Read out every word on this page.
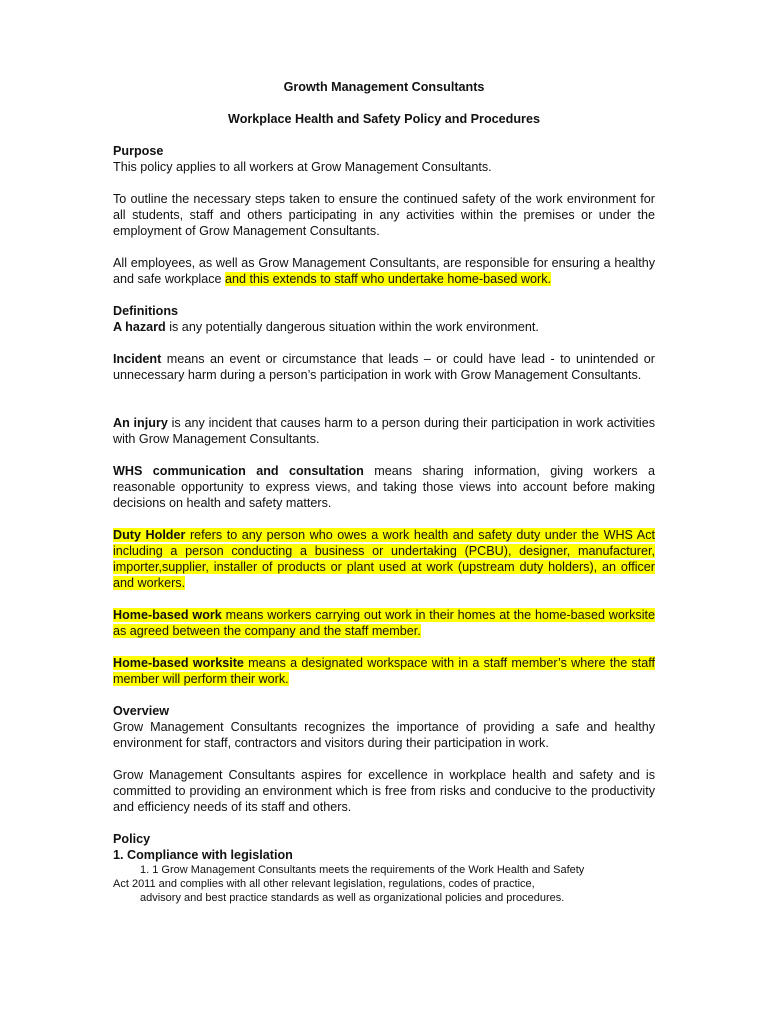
Growth Management Consultants
Workplace Health and Safety Policy and Procedures
Purpose
This policy applies to all workers at Grow Management Consultants.
To outline the necessary steps taken to ensure the continued safety of the work environment for all students, staff and others participating in any activities within the premises or under the employment of Grow Management Consultants.
All employees, as well as Grow Management Consultants, are responsible for ensuring a healthy and safe workplace and this extends to staff who undertake home-based work.
Definitions
A hazard is any potentially dangerous situation within the work environment.
Incident means an event or circumstance that leads – or could have lead - to unintended or unnecessary harm during a person’s participation in work with Grow Management Consultants.
An injury is any incident that causes harm to a person during their participation in work activities with Grow Management Consultants.
WHS communication and consultation means sharing information, giving workers a reasonable opportunity to express views, and taking those views into account before making decisions on health and safety matters.
Duty Holder refers to any person who owes a work health and safety duty under the WHS Act including a person conducting a business or undertaking (PCBU), designer, manufacturer, importer,supplier, installer of products or plant used at work (upstream duty holders), an officer and workers.
Home-based work means workers carrying out work in their homes at the home-based worksite as agreed between the company and the staff member.
Home-based worksite means a designated workspace with in a staff member’s where the staff member will perform their work.
Overview
Grow Management Consultants recognizes the importance of providing a safe and healthy environment for staff, contractors and visitors during their participation in work.
Grow Management Consultants aspires for excellence in workplace health and safety and is committed to providing an environment which is free from risks and conducive to the productivity and efficiency needs of its staff and others.
Policy
1. Compliance with legislation
1. 1 Grow Management Consultants meets the requirements of the Work Health and Safety
Act 2011 and complies with all other relevant legislation, regulations, codes of practice,
advisory and best practice standards as well as organizational policies and procedures.
